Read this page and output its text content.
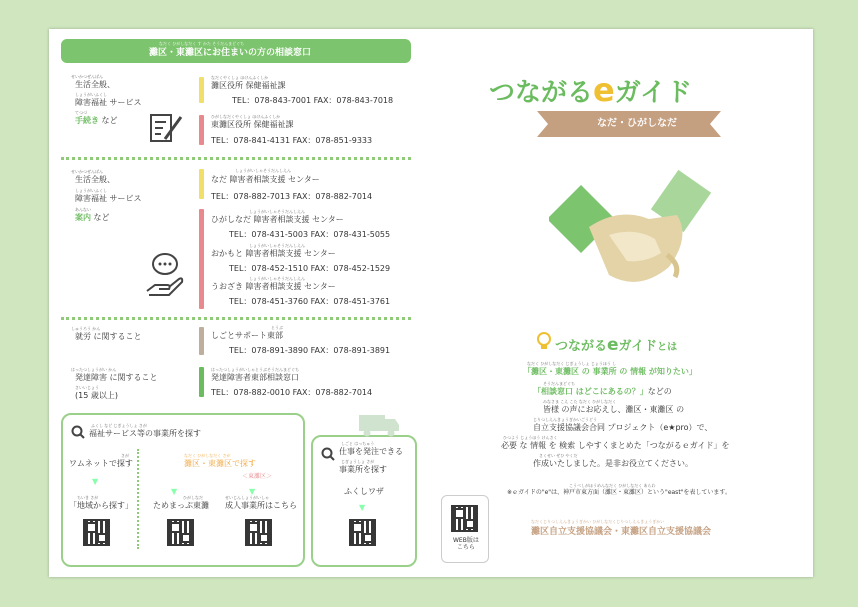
なだく ひがしなだく す かた そうだんまどぐち
灘区・東灘区にお住まいの方の相談窓口
せいかつぜんぱん
生活全般、
しょうがいふくし
障害福祉 サービス
てつづ
手続き など
なだくやくしょ ほけんふくしか
灘区役所 保健福祉課
TEL：078-843-7001 FAX：078-843-7018
ひがしなだくやくしょ ほけんふくしか
東灘区役所 保健福祉課
TEL：078-841-4131 FAX：078-851-9333
せいかつぜんぱん
生活全般、
しょうがいふくし
障害福祉 サービス
あんない
案内 など
しょうがいしゃそうだんしえん
なだ 障害者相談支援 センター
TEL：078-882-7013 FAX：078-882-7014
しょうがいしゃそうだんしえん
ひがしなだ 障害者相談支援 センター
TEL：078-431-5003 FAX：078-431-5055
しょうがいしゃそうだんしえん
おかもと 障害者相談支援 センター
TEL：078-452-1510 FAX：078-452-1529
しょうがいしゃそうだんしえん
うおざき 障害者相談支援 センター
TEL：078-451-3760 FAX：078-451-3761
しゅうろう かん
就労 に関すること
とうぶ
しごとサポート東部
TEL：078-891-3890 FAX：078-891-3891
はったつしょうがい かん
発達障害 に関すること
さいいじょう
(15 歳以上)
はったつしょうがいしゃとうぶそうだんまどぐち
発達障害者東部相談窓口
TEL：078-882-0010 FAX：078-882-7014
ふくし など じぎょうしょ さが
福祉サービス等の事業所を探す
さが
ワムネットで探す
▼
ちいき さが
「地域から探す」
なだく ひがしなだく さが
灘区・東灘区で探す
＜東灘区＞
▼	▼
ひがしなだ
ためまっぷ東灘
せいじんしょうがいしゃ
成人事業所はこちら
しごと はっちゅう
仕事を発注できる
じぎょうしょ さが
事業所を探す
ふくしワザ
▼
WEB版は
こちら
つながるeガイド
なだ・ひがしなだ
つながるeガイドとは
なだく ひがしなだく じぎょうしょ じょうほう し
「灘区・東灘区 の 事業所 の 情報 が知りたい」
そうだんまどぐち
「相談窓口 はどこにあるの？」などの
みなさま こえ こた なだく ひがしなだく
皆様 の声にお応えし、灘区・東灘区 の
じりつしえんきょうぎかいごうどう
自立支援協議会合同 プロジェクト（e★pro）で、
ひつよう じょうほう けんさく
必要 な 情報 を 検索 しやすくまとめた「つながるｅガイド」を
さくせい ぜひ やくだ
作成いたしました。是非お役立てください。
こうべしがほうめんなだく ひがしなだく あらわ
※ｅガイドの"e"は、神戸市東方面（灘区・東灘区）という"east"を表しています。
なだくじりつしえんきょうぎかい ひがしなだくじりつしえんきょうぎかい
灘区自立支援協議会・東灘区自立支援協議会
